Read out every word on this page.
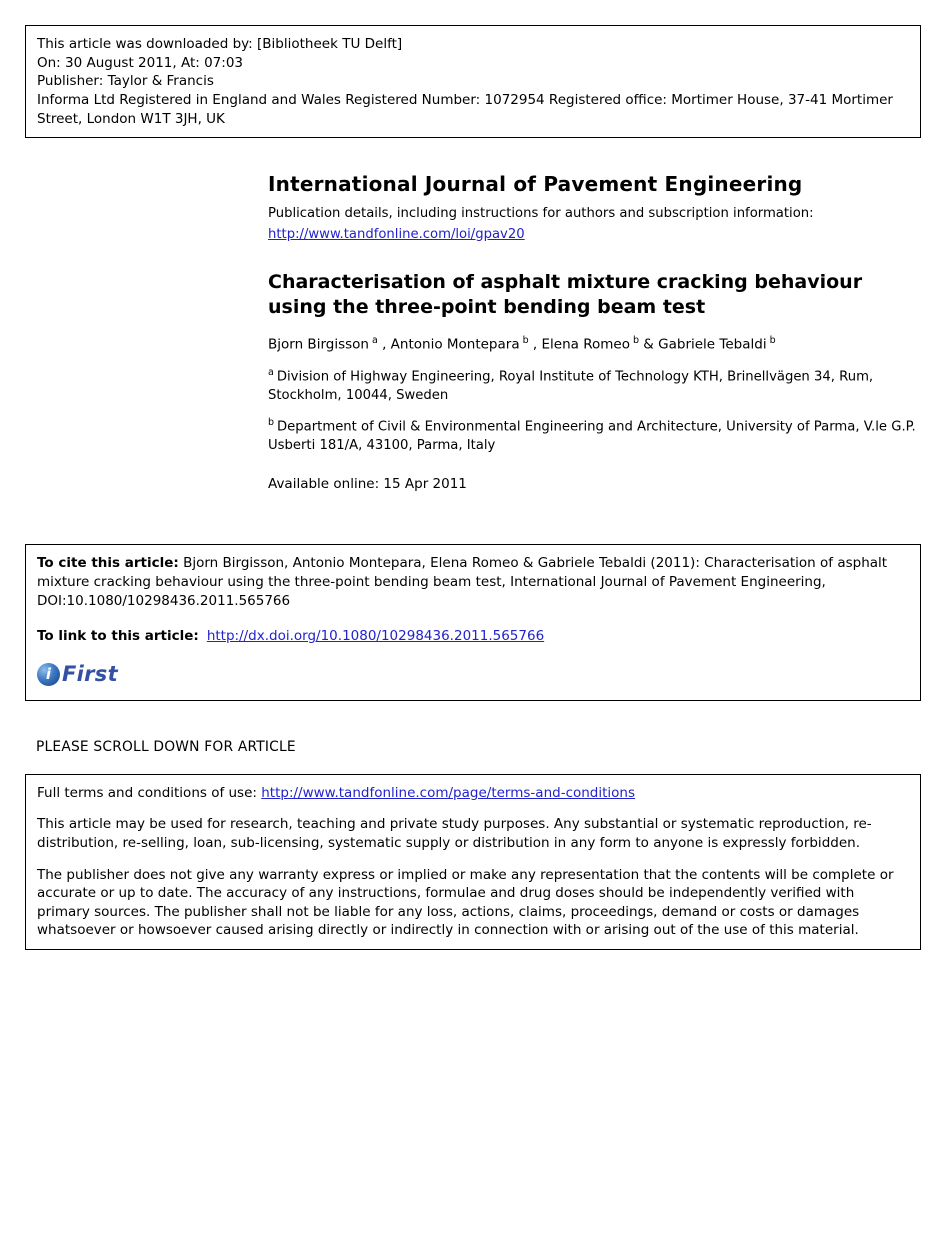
This article was downloaded by: [Bibliotheek TU Delft]
On: 30 August 2011, At: 07:03
Publisher: Taylor & Francis
Informa Ltd Registered in England and Wales Registered Number: 1072954 Registered office: Mortimer House, 37-41 Mortimer Street, London W1T 3JH, UK
International Journal of Pavement Engineering
Publication details, including instructions for authors and subscription information:
http://www.tandfonline.com/loi/gpav20
Characterisation of asphalt mixture cracking behaviour using the three-point bending beam test
Bjorn Birgisson $^a$ , Antonio Montepara $^b$ , Elena Romeo $^b$ & Gabriele Tebaldi $^b$
$^a$ Division of Highway Engineering, Royal Institute of Technology KTH, Brinellvägen 34, Rum, Stockholm, 10044, Sweden
$^b$ Department of Civil & Environmental Engineering and Architecture, University of Parma, V.le G.P. Usberti 181/A, 43100, Parma, Italy
Available online: 15 Apr 2011
To cite this article: Bjorn Birgisson, Antonio Montepara, Elena Romeo & Gabriele Tebaldi (2011): Characterisation of asphalt mixture cracking behaviour using the three-point bending beam test, International Journal of Pavement Engineering, DOI:10.1080/10298436.2011.565766
To link to this article: http://dx.doi.org/10.1080/10298436.2011.565766
i First
PLEASE SCROLL DOWN FOR ARTICLE

Full terms and conditions of use: http://www.tandfonline.com/page/terms-and-conditions

This article may be used for research, teaching and private study purposes. Any substantial or systematic reproduction, re-distribution, re-selling, loan, sub-licensing, systematic supply or distribution in any form to anyone is expressly forbidden.

The publisher does not give any warranty express or implied or make any representation that the contents will be complete or accurate or up to date. The accuracy of any instructions, formulae and drug doses should be independently verified with primary sources. The publisher shall not be liable for any loss, actions, claims, proceedings, demand or costs or damages whatsoever or howsoever caused arising directly or indirectly in connection with or arising out of the use of this material.
